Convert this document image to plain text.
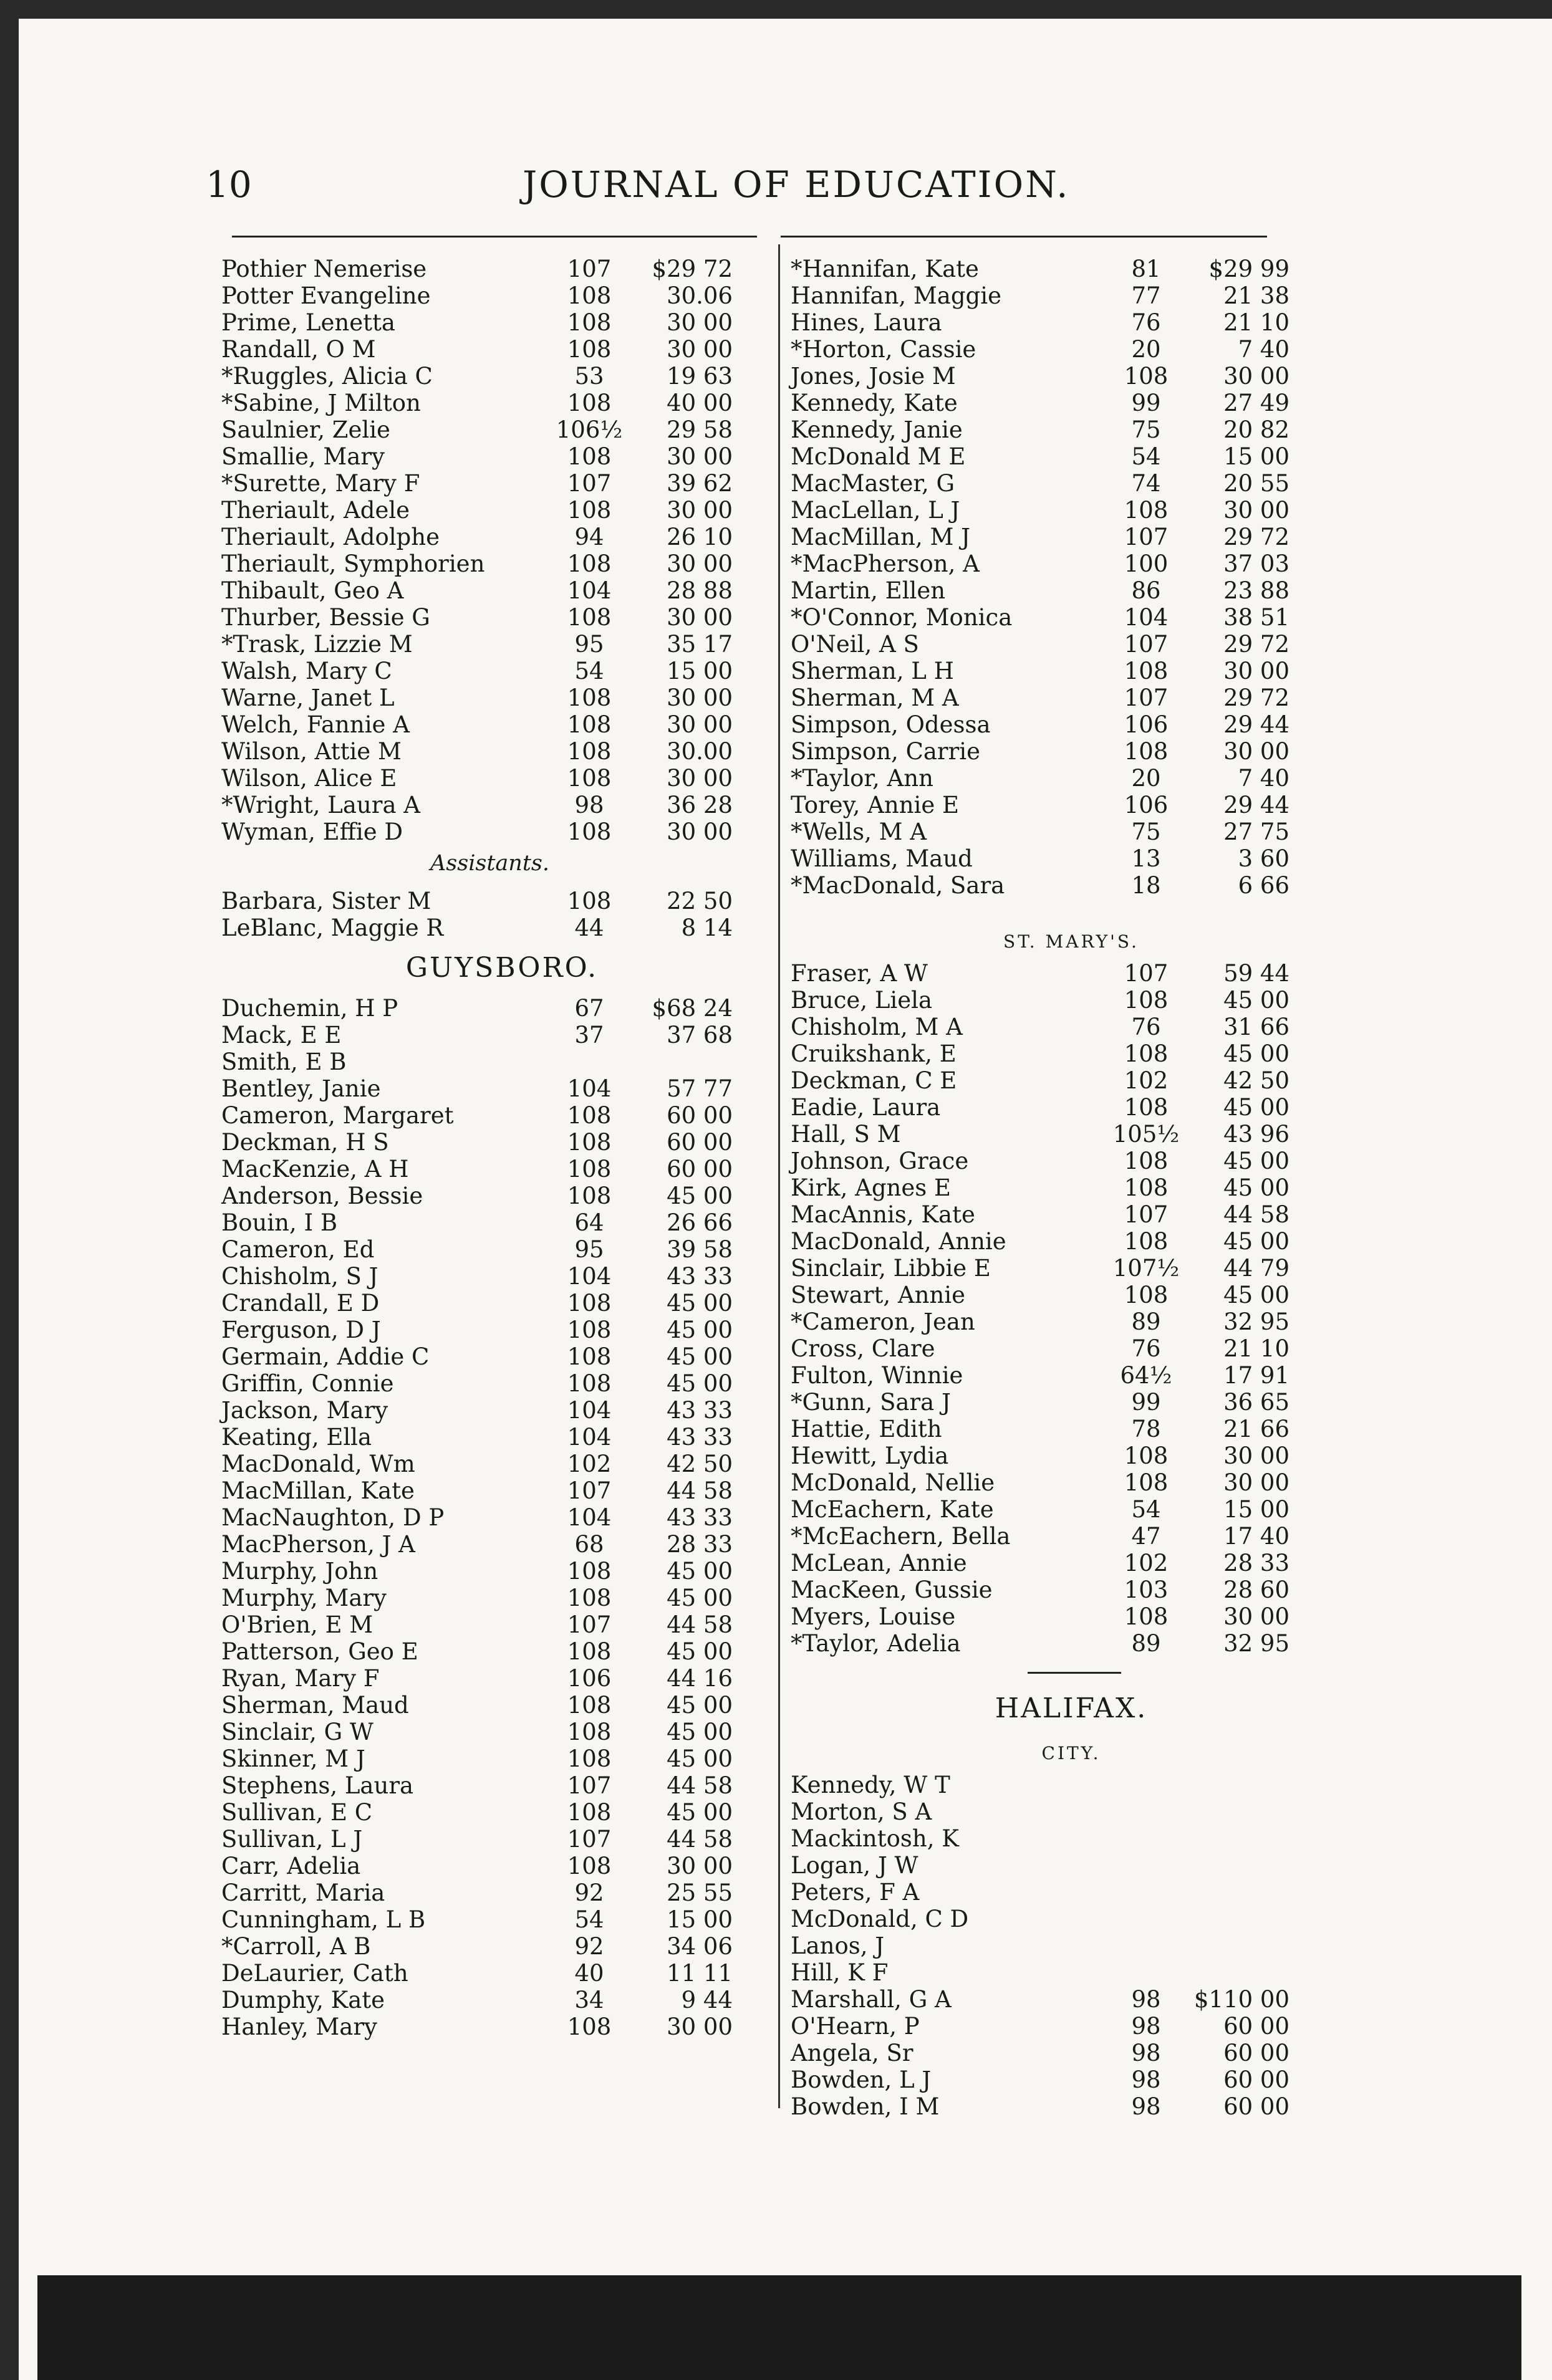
10	JOURNAL OF EDUCATION.
Pothier Nemerise	107	$29 72
Potter Evangeline	108	30.06
Prime, Lenetta	108	30 00
Randall, O M	108	30 00
*Ruggles, Alicia C	53	19 63
*Sabine, J Milton	108	40 00
Saulnier, Zelie	106½	29 58
Smallie, Mary	108	30 00
*Surette, Mary F	107	39 62
Theriault, Adele	108	30 00
Theriault, Adolphe	94	26 10
Theriault, Symphorien	108	30 00
Thibault, Geo A	104	28 88
Thurber, Bessie G	108	30 00
*Trask, Lizzie M	95	35 17
Walsh, Mary C	54	15 00
Warne, Janet L	108	30 00
Welch, Fannie A	108	30 00
Wilson, Attie M	108	30.00
Wilson, Alice E	108	30 00
*Wright, Laura A	98	36 28
Wyman, Effie D	108	30 00
Assistants.
Barbara, Sister M	108	22 50
LeBlanc, Maggie R	44	8 14
GUYSBORO.
Duchemin, H P	67	$68 24
Mack, E E	37	37 68
Smith, E B
Bentley, Janie	104	57 77
Cameron, Margaret	108	60 00
Deckman, H S	108	60 00
MacKenzie, A H	108	60 00
Anderson, Bessie	108	45 00
Bouin, I B	64	26 66
Cameron, Ed	95	39 58
Chisholm, S J	104	43 33
Crandall, E D	108	45 00
Ferguson, D J	108	45 00
Germain, Addie C	108	45 00
Griffin, Connie	108	45 00
Jackson, Mary	104	43 33
Keating, Ella	104	43 33
MacDonald, Wm	102	42 50
MacMillan, Kate	107	44 58
MacNaughton, D P	104	43 33
MacPherson, J A	68	28 33
Murphy, John	108	45 00
Murphy, Mary	108	45 00
O'Brien, E M	107	44 58
Patterson, Geo E	108	45 00
Ryan, Mary F	106	44 16
Sherman, Maud	108	45 00
Sinclair, G W	108	45 00
Skinner, M J	108	45 00
Stephens, Laura	107	44 58
Sullivan, E C	108	45 00
Sullivan, L J	107	44 58
Carr, Adelia	108	30 00
Carritt, Maria	92	25 55
Cunningham, L B	54	15 00
*Carroll, A B	92	34 06
DeLaurier, Cath	40	11 11
Dumphy, Kate	34	9 44
Hanley, Mary	108	30 00
*Hannifan, Kate	81	$29 99
Hannifan, Maggie	77	21 38
Hines, Laura	76	21 10
*Horton, Cassie	20	7 40
Jones, Josie M	108	30 00
Kennedy, Kate	99	27 49
Kennedy, Janie	75	20 82
McDonald M E	54	15 00
MacMaster, G	74	20 55
MacLellan, L J	108	30 00
MacMillan, M J	107	29 72
*MacPherson, A	100	37 03
Martin, Ellen	86	23 88
*O'Connor, Monica	104	38 51
O'Neil, A S	107	29 72
Sherman, L H	108	30 00
Sherman, M A	107	29 72
Simpson, Odessa	106	29 44
Simpson, Carrie	108	30 00
*Taylor, Ann	20	7 40
Torey, Annie E	106	29 44
*Wells, M A	75	27 75
Williams, Maud	13	3 60
*MacDonald, Sara	18	6 66
ST. MARY'S.
Fraser, A W	107	59 44
Bruce, Liela	108	45 00
Chisholm, M A	76	31 66
Cruikshank, E	108	45 00
Deckman, C E	102	42 50
Eadie, Laura	108	45 00
Hall, S M	105½	43 96
Johnson, Grace	108	45 00
Kirk, Agnes E	108	45 00
MacAnnis, Kate	107	44 58
MacDonald, Annie	108	45 00
Sinclair, Libbie E	107½	44 79
Stewart, Annie	108	45 00
*Cameron, Jean	89	32 95
Cross, Clare	76	21 10
Fulton, Winnie	64½	17 91
*Gunn, Sara J	99	36 65
Hattie, Edith	78	21 66
Hewitt, Lydia	108	30 00
McDonald, Nellie	108	30 00
McEachern, Kate	54	15 00
*McEachern, Bella	47	17 40
McLean, Annie	102	28 33
MacKeen, Gussie	103	28 60
Myers, Louise	108	30 00
*Taylor, Adelia	89	32 95
HALIFAX.
CITY.
Kennedy, W T
Morton, S A
Mackintosh, K
Logan, J W
Peters, F A
McDonald, C D
Lanos, J
Hill, K F
Marshall, G A	98	$110 00
O'Hearn, P	98	60 00
Angela, Sr	98	60 00
Bowden, L J	98	60 00
Bowden, I M	98	60 00
